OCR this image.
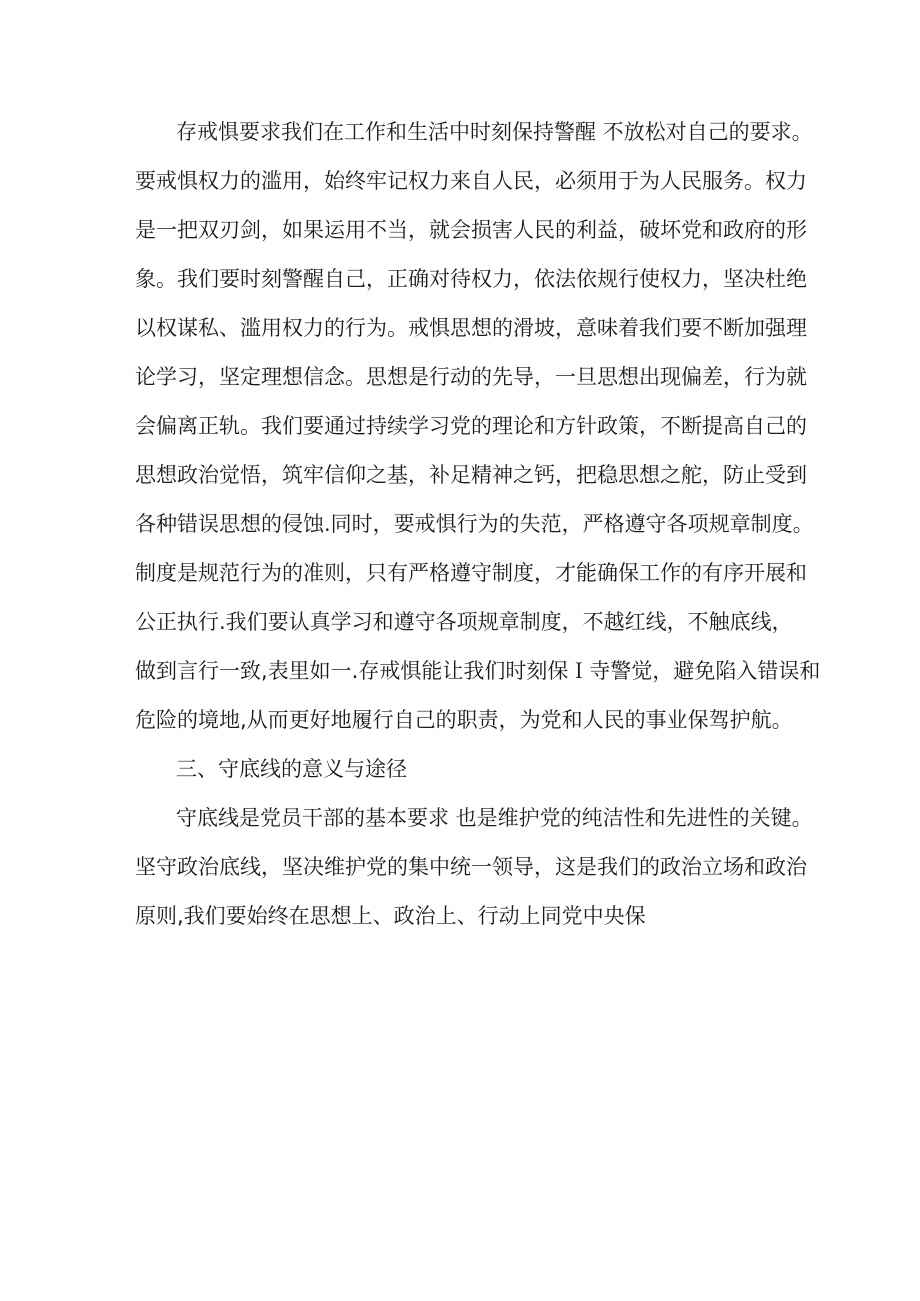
存戒惧要求我们在工作和生活中时刻保持警醒 不放松对自己的要求。

要戒惧权力的滥用，始终牢记权力来自人民，必须用于为人民服务。权力

是一把双刃剑，如果运用不当，就会损害人民的利益，破坏党和政府的形

象。我们要时刻警醒自己，正确对待权力，依法依规行使权力，坚决杜绝

以权谋私、滥用权力的行为。戒惧思想的滑坡，意味着我们要不断加强理

论学习，坚定理想信念。思想是行动的先导，一旦思想出现偏差，行为就

会偏离正轨。我们要通过持续学习党的理论和方针政策，不断提高自己的

思想政治觉悟，筑牢信仰之基，补足精神之钙，把稳思想之舵，防止受到

各种错误思想的侵蚀.同时，要戒惧行为的失范，严格遵守各项规章制度。

制度是规范行为的准则，只有严格遵守制度，才能确保工作的有序开展和

公正执行.我们要认真学习和遵守各项规章制度，不越红线，不触底线，

做到言行一致,表里如一.存戒惧能让我们时刻保Ｉ寺警觉，避免陷入错误和

危险的境地,从而更好地履行自己的职责，为党和人民的事业保驾护航。

三、守底线的意义与途径

守底线是党员干部的基本要求 也是维护党的纯洁性和先进性的关键。

坚守政治底线，坚决维护党的集中统一领导，这是我们的政治立场和政治

原则,我们要始终在思想上、政治上、行动上同党中央保
